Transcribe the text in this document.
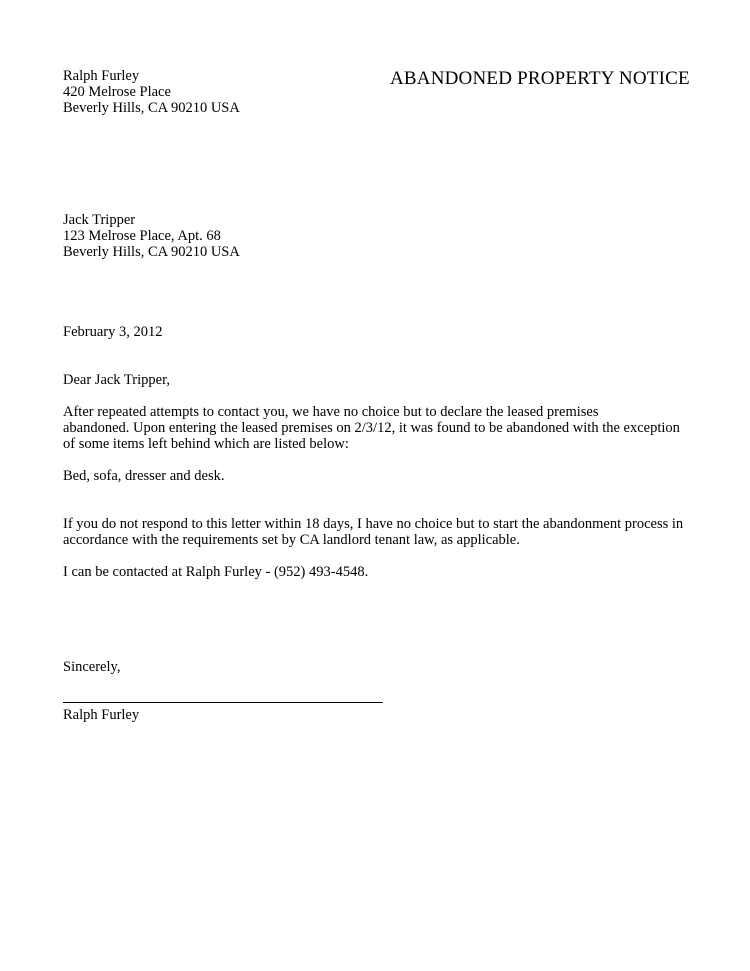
ABANDONED PROPERTY NOTICE
Ralph Furley
420 Melrose Place
Beverly Hills, CA 90210 USA
Jack Tripper
123 Melrose Place, Apt. 68
Beverly Hills, CA 90210 USA
February 3, 2012
Dear Jack Tripper,
After repeated attempts to contact you, we have no choice but to declare the leased premises
abandoned. Upon entering the leased premises on 2/3/12, it was found to be abandoned with the exception
of some items left behind which are listed below:
Bed, sofa, dresser and desk.
If you do not respond to this letter within 18 days, I have no choice but to start the abandonment process in
accordance with the requirements set by CA landlord tenant law, as applicable.
I can be contacted at Ralph Furley - (952) 493-4548.
Sincerely,
Ralph Furley
